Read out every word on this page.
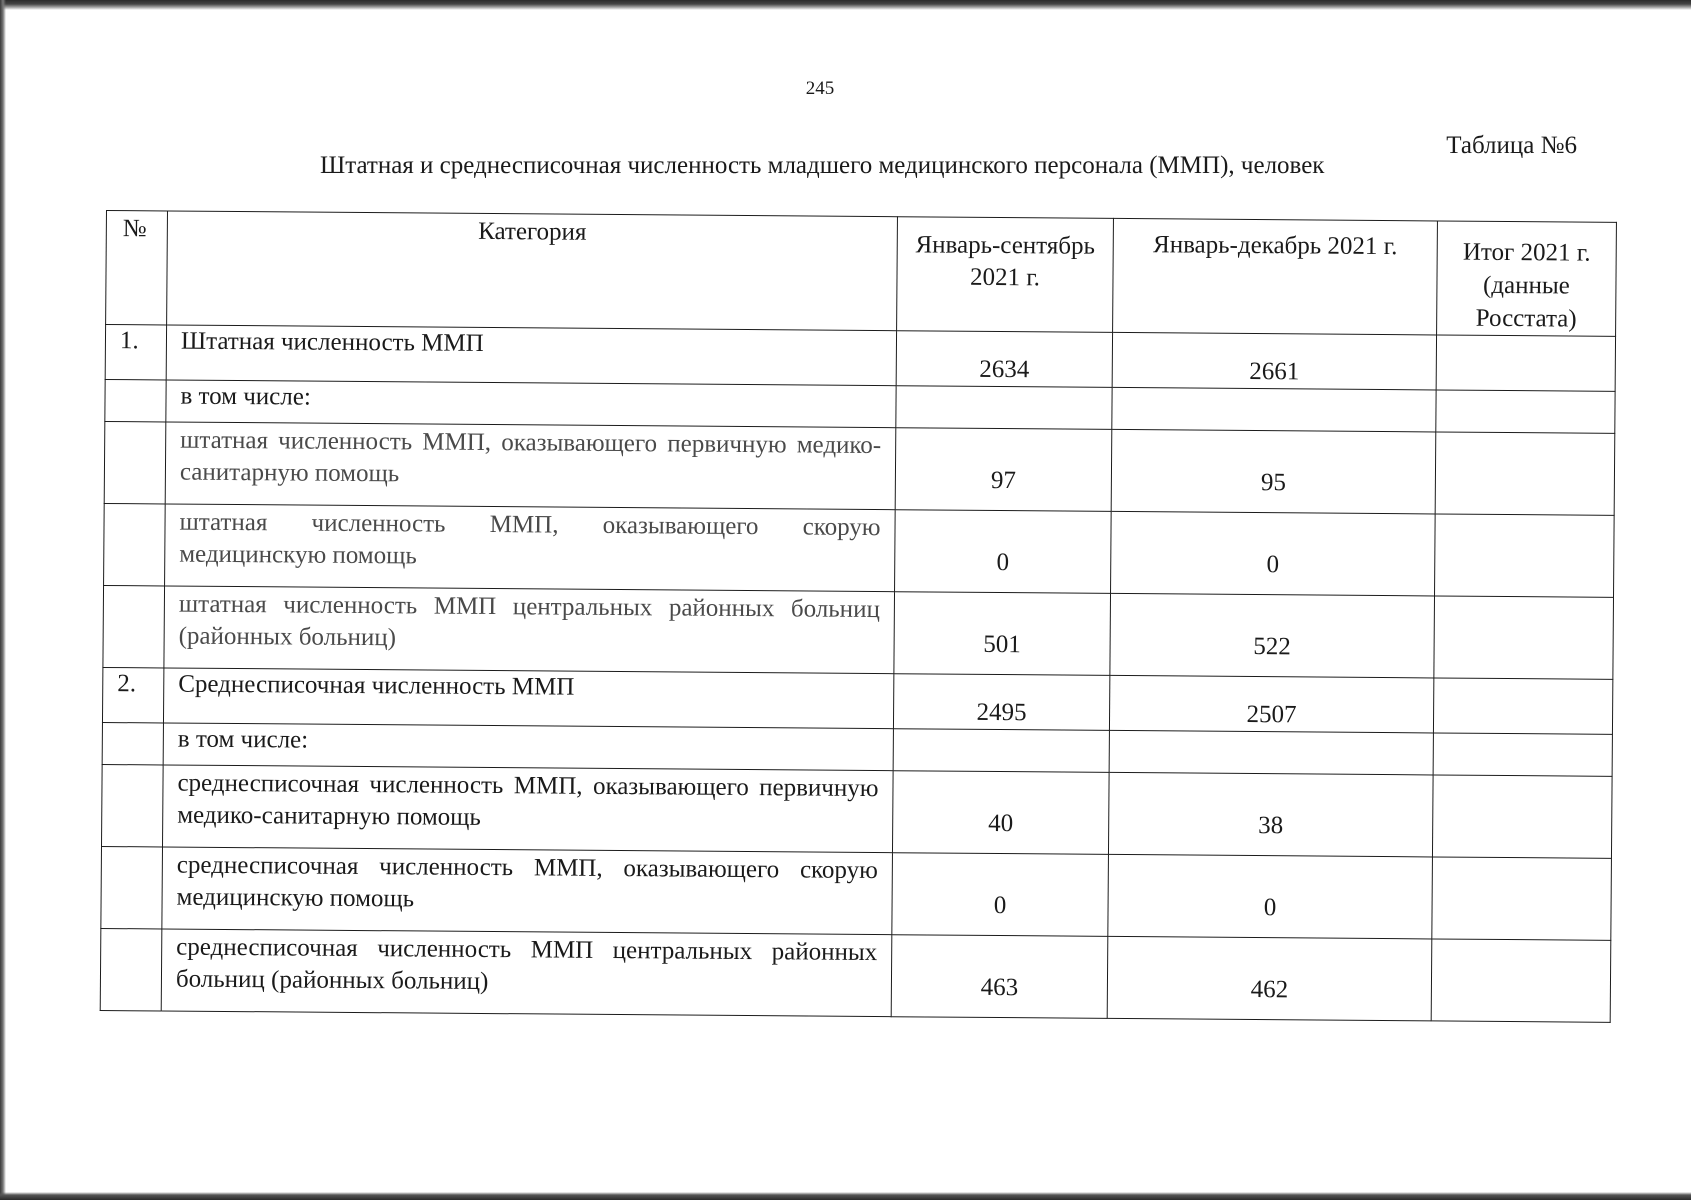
245
Таблица №6
Штатная и среднесписочная численность младшего медицинского персонала (ММП), человек
№	Категория	Январь-сентябрь 2021 г.	Январь-декабрь 2021 г.	Итог 2021 г. (данные Росстата)
1.	Штатная численность ММП	2634	2661	
	в том числе:			
	штатная численность ММП, оказывающего первичную медико-санитарную помощь	97	95	
	штатная численность ММП, оказывающего скорую медицинскую помощь	0	0	
	штатная численность ММП центральных районных больниц (районных больниц)	501	522	
2.	Среднесписочная численность ММП	2495	2507	
	в том числе:			
	среднесписочная численность ММП, оказывающего первичную медико-санитарную помощь	40	38	
	среднесписочная численность ММП, оказывающего скорую медицинскую помощь	0	0	
	среднесписочная численность ММП центральных районных больниц (районных больниц)	463	462	
